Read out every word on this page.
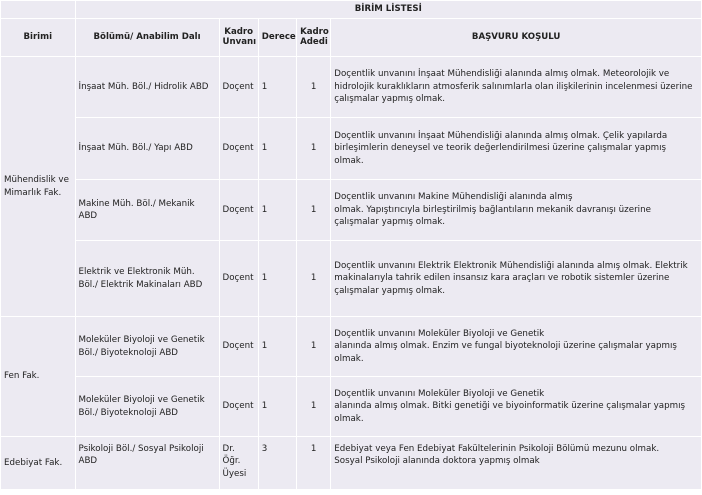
	BİRİM LİSTESİ				
Birimi	Bölümü/ Anabilim Dalı	Kadro Unvanı	Derece	Kadro Adedi	BAŞVURU KOŞULU
Mühendislik ve Mimarlık Fak.	İnşaat Müh. Böl./ Hidrolik ABD	Doçent	1	1	Doçentlik unvanını İnşaat Mühendisliği alanında almış olmak. Meteorolojik ve hidrolojik kuraklıkların atmosferik salınımlarla olan ilişkilerinin incelenmesi üzerine çalışmalar yapmış olmak.
	İnşaat Müh. Böl./ Yapı ABD	Doçent	1	1	Doçentlik unvanını İnşaat Mühendisliği alanında almış olmak. Çelik yapılarda birleşimlerin deneysel ve teorik değerlendirilmesi üzerine çalışmalar yapmış olmak.
	Makine Müh. Böl./ Mekanik ABD	Doçent	1	1	Doçentlik unvanını Makine Mühendisliği alanında almış
olmak. Yapıştırıcıyla birleştirilmiş bağlantıların mekanik davranışı üzerine çalışmalar yapmış olmak.
	Elektrik ve Elektronik Müh. Böl./ Elektrik Makinaları ABD	Doçent	1	1	Doçentlik unvanını Elektrik Elektronik Mühendisliği alanında almış olmak. Elektrik makinalarıyla tahrik edilen insansız kara araçları ve robotik sistemler üzerine
çalışmalar yapmış olmak.
Fen Fak.	Moleküler Biyoloji ve Genetik Böl./ Biyoteknoloji ABD	Doçent	1	1	Doçentlik unvanını Moleküler Biyoloji ve Genetik
alanında almış olmak. Enzim ve fungal biyoteknoloji üzerine çalışmalar yapmış olmak.
	Moleküler Biyoloji ve Genetik Böl./ Biyoteknoloji ABD	Doçent	1	1	Doçentlik unvanını Moleküler Biyoloji ve Genetik
alanında almış olmak. Bitki genetiği ve biyoinformatik üzerine çalışmalar yapmış olmak.
Edebiyat Fak.	Psikoloji Böl./ Sosyal Psikoloji ABD	Dr. Öğr. Üyesi	3	1	Edebiyat veya Fen Edebiyat Fakültelerinin Psikoloji Bölümü mezunu olmak.
Sosyal Psikoloji alanında doktora yapmış olmak
